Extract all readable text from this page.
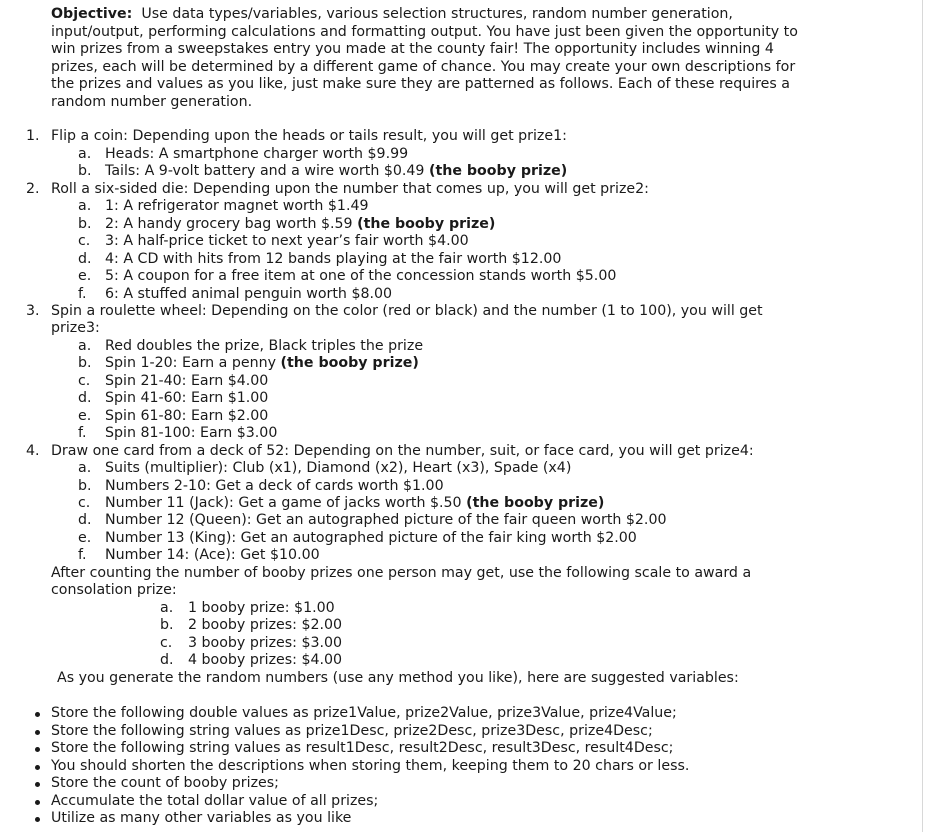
Objective: Use data types/variables, various selection structures, random number generation,
input/output, performing calculations and formatting output. You have just been given the opportunity to
win prizes from a sweepstakes entry you made at the county fair! The opportunity includes winning 4
prizes, each will be determined by a different game of chance. You may create your own descriptions for
the prizes and values as you like, just make sure they are patterned as follows. Each of these requires a
random number generation.
1. Flip a coin: Depending upon the heads or tails result, you will get prize1:
a. Heads: A smartphone charger worth $9.99
b. Tails: A 9-volt battery and a wire worth $0.49 (the booby prize)
2. Roll a six-sided die: Depending upon the number that comes up, you will get prize2:
a. 1: A refrigerator magnet worth $1.49
b. 2: A handy grocery bag worth $.59 (the booby prize)
c. 3: A half-price ticket to next year’s fair worth $4.00
d. 4: A CD with hits from 12 bands playing at the fair worth $12.00
e. 5: A coupon for a free item at one of the concession stands worth $5.00
f. 6: A stuffed animal penguin worth $8.00
3. Spin a roulette wheel: Depending on the color (red or black) and the number (1 to 100), you will get
prize3:
a. Red doubles the prize, Black triples the prize
b. Spin 1-20: Earn a penny (the booby prize)
c. Spin 21-40: Earn $4.00
d. Spin 41-60: Earn $1.00
e. Spin 61-80: Earn $2.00
f. Spin 81-100: Earn $3.00
4. Draw one card from a deck of 52: Depending on the number, suit, or face card, you will get prize4:
a. Suits (multiplier): Club (x1), Diamond (x2), Heart (x3), Spade (x4)
b. Numbers 2-10: Get a deck of cards worth $1.00
c. Number 11 (Jack): Get a game of jacks worth $.50 (the booby prize)
d. Number 12 (Queen): Get an autographed picture of the fair queen worth $2.00
e. Number 13 (King): Get an autographed picture of the fair king worth $2.00
f. Number 14: (Ace): Get $10.00
After counting the number of booby prizes one person may get, use the following scale to award a
consolation prize:
a. 1 booby prize: $1.00
b. 2 booby prizes: $2.00
c. 3 booby prizes: $3.00
d. 4 booby prizes: $4.00
As you generate the random numbers (use any method you like), here are suggested variables:
Store the following double values as prize1Value, prize2Value, prize3Value, prize4Value;
Store the following string values as prize1Desc, prize2Desc, prize3Desc, prize4Desc;
Store the following string values as result1Desc, result2Desc, result3Desc, result4Desc;
You should shorten the descriptions when storing them, keeping them to 20 chars or less.
Store the count of booby prizes;
Accumulate the total dollar value of all prizes;
Utilize as many other variables as you like
